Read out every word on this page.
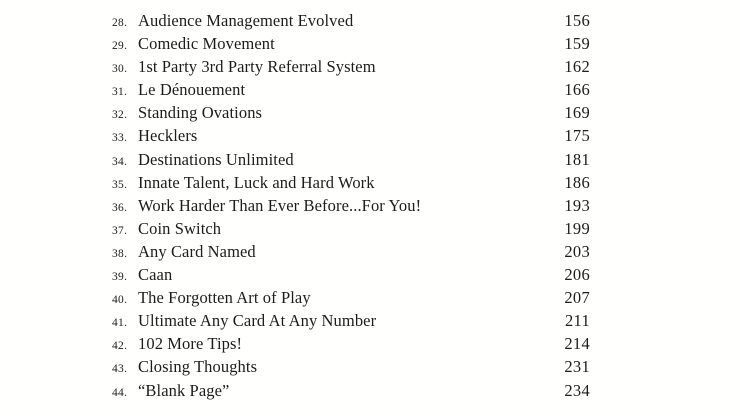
28. Audience Management Evolved	156
29. Comedic Movement	159
30. 1st Party 3rd Party Referral System	162
31. Le Dénouement	166
32. Standing Ovations	169
33. Hecklers	175
34. Destinations Unlimited	181
35. Innate Talent, Luck and Hard Work	186
36. Work Harder Than Ever Before...For You!	193
37. Coin Switch	199
38. Any Card Named	203
39. Caan	206
40. The Forgotten Art of Play	207
41. Ultimate Any Card At Any Number	211
42. 102 More Tips!	214
43. Closing Thoughts	231
44. “Blank Page”	234
